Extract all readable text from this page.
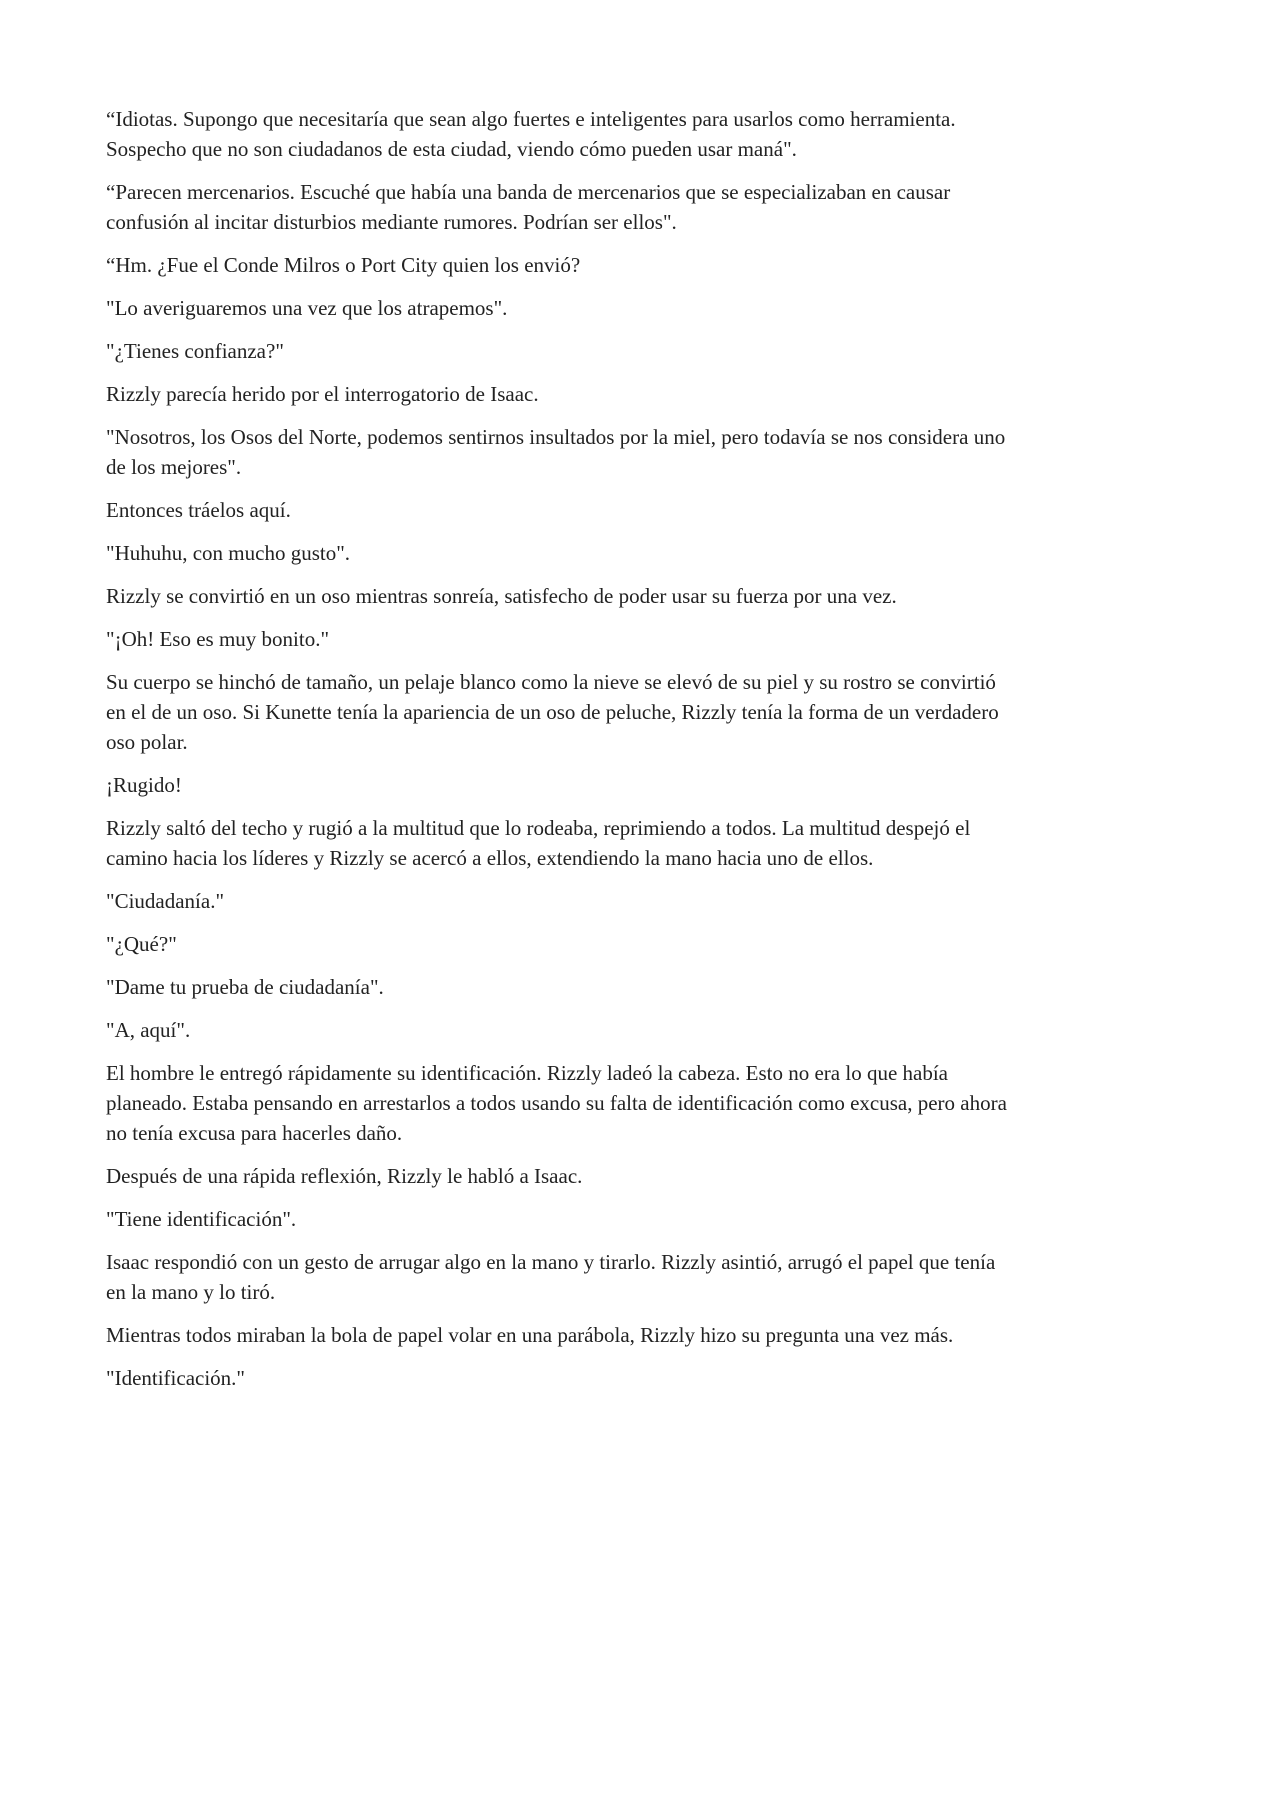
“Idiotas. Supongo que necesitaría que sean algo fuertes e inteligentes para usarlos como herramienta. Sospecho que no son ciudadanos de esta ciudad, viendo cómo pueden usar maná".

“Parecen mercenarios. Escuché que había una banda de mercenarios que se especializaban en causar confusión al incitar disturbios mediante rumores. Podrían ser ellos".

“Hm. ¿Fue el Conde Milros o Port City quien los envió?

"Lo averiguaremos una vez que los atrapemos".

"¿Tienes confianza?"

Rizzly parecía herido por el interrogatorio de Isaac.

"Nosotros, los Osos del Norte, podemos sentirnos insultados por la miel, pero todavía se nos considera uno de los mejores".

Entonces tráelos aquí.

"Huhuhu, con mucho gusto".

Rizzly se convirtió en un oso mientras sonreía, satisfecho de poder usar su fuerza por una vez.

"¡Oh! Eso es muy bonito."

Su cuerpo se hinchó de tamaño, un pelaje blanco como la nieve se elevó de su piel y su rostro se convirtió en el de un oso. Si Kunette tenía la apariencia de un oso de peluche, Rizzly tenía la forma de un verdadero oso polar.

¡Rugido!

Rizzly saltó del techo y rugió a la multitud que lo rodeaba, reprimiendo a todos. La multitud despejó el camino hacia los líderes y Rizzly se acercó a ellos, extendiendo la mano hacia uno de ellos.

"Ciudadanía."

"¿Qué?"

"Dame tu prueba de ciudadanía".

"A, aquí".

El hombre le entregó rápidamente su identificación. Rizzly ladeó la cabeza. Esto no era lo que había planeado. Estaba pensando en arrestarlos a todos usando su falta de identificación como excusa, pero ahora no tenía excusa para hacerles daño.

Después de una rápida reflexión, Rizzly le habló a Isaac.

"Tiene identificación".

Isaac respondió con un gesto de arrugar algo en la mano y tirarlo. Rizzly asintió, arrugó el papel que tenía en la mano y lo tiró.

Mientras todos miraban la bola de papel volar en una parábola, Rizzly hizo su pregunta una vez más.

"Identificación."
